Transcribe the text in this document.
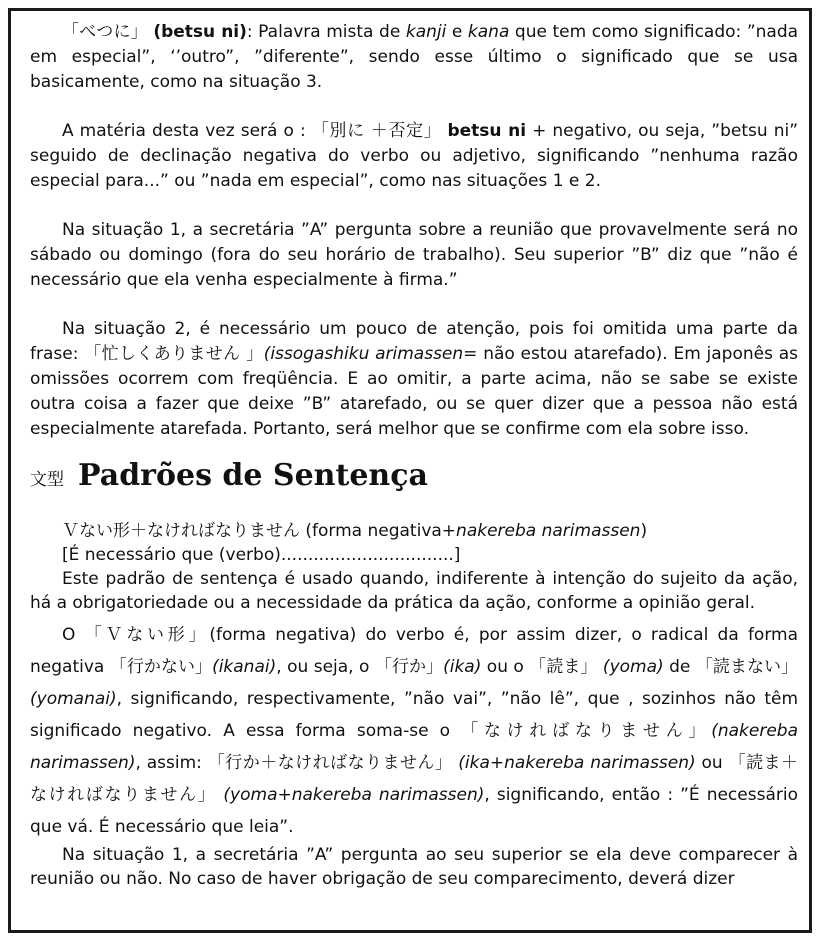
「べつに」 (betsu ni): Palavra mista de kanji e kana que tem como significado: ”nada em especial”, ‘’outro”, ”diferente”, sendo esse último o significado que se usa basicamente, como na situação 3.

A matéria desta vez será o : 「別に ＋否定」 betsu ni + negativo, ou seja, ”betsu ni” seguido de declinação negativa do verbo ou adjetivo, significando ”nenhuma razão especial para...” ou ”nada em especial”, como nas situações 1 e 2.

Na situação 1, a secretária ”A” pergunta sobre a reunião que provavelmente será no sábado ou domingo (fora do seu horário de trabalho). Seu superior ”B” diz que ”não é necessário que ela venha especialmente à firma.”

Na situação 2, é necessário um pouco de atenção, pois foi omitida uma parte da frase: 「忙しくありません 」(issogashiku arimassen= não estou atarefado). Em japonês as omissões ocorrem com freqüência. E ao omitir, a parte acima, não se sabe se existe outra coisa a fazer que deixe ”B” atarefado, ou se quer dizer que a pessoa não está especialmente atarefada. Portanto, será melhor que se confirme com ela sobre isso.

文型 Padrões de Sentença
Ｖない形＋なければなりません (forma negativa+nakereba narimassen)
[É necessário que (verbo)................................]

Este padrão de sentença é usado quando, indiferente à intenção do sujeito da ação, há a obrigatoriedade ou a necessidade da prática da ação, conforme a opinião geral.

O 「Ｖない形」(forma negativa) do verbo é, por assim dizer, o radical da forma negativa 「行かない」(ikanai), ou seja, o 「行か」(ika) ou o 「読ま」 (yoma) de 「読まない」(yomanai), significando, respectivamente, ”não vai”, ”não lê”, que , sozinhos não têm significado negativo. A essa forma soma-se o 「なければなりません」(nakereba narimassen), assim: 「行か＋なければなりません」 (ika+nakereba narimassen) ou 「読ま＋なければなりません」 (yoma+nakereba narimassen), significando, então : ”É necessário que vá. É necessário que leia”.

Na situação 1, a secretária ”A” pergunta ao seu superior se ela deve comparecer à reunião ou não. No caso de haver obrigação de seu comparecimento, deverá dizer
